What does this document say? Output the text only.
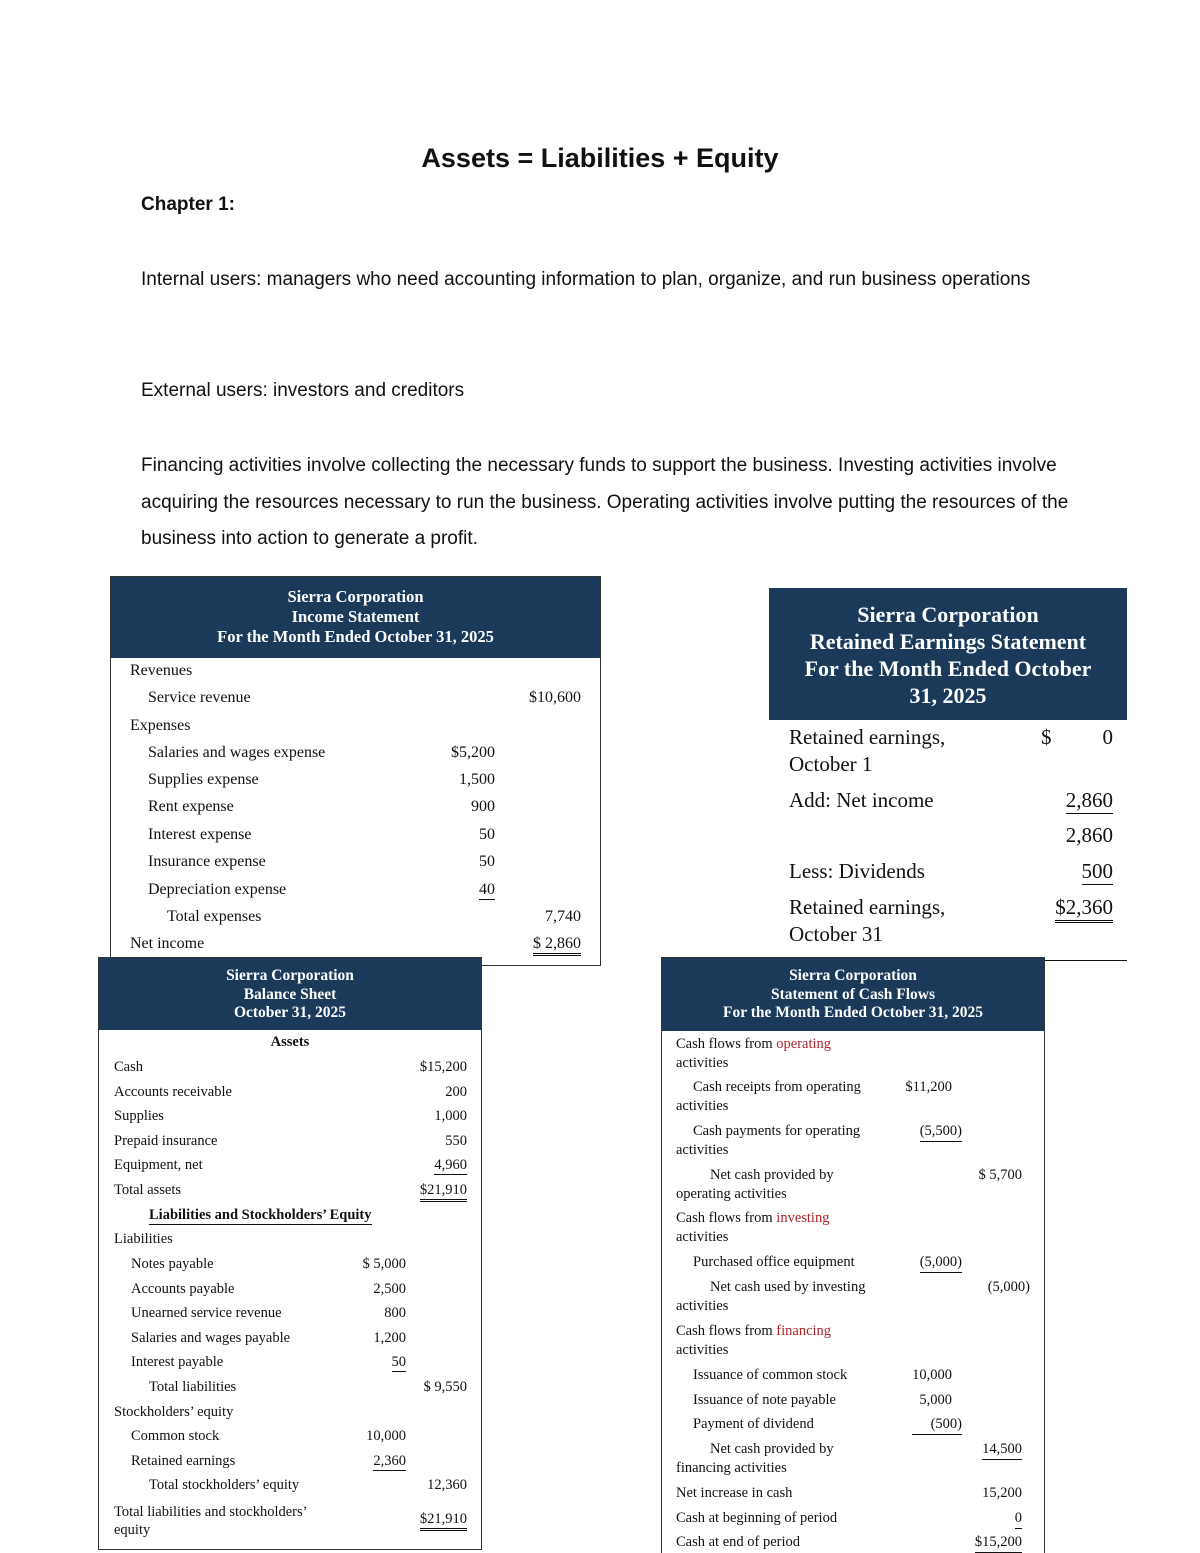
Assets = Liabilities + Equity
Chapter 1:
Internal users: managers who need accounting information to plan, organize, and run business operations
External users: investors and creditors
Financing activities involve collecting the necessary funds to support the business. Investing activities involve acquiring the resources necessary to run the business. Operating activities involve putting the resources of the business into action to generate a profit.
Sierra Corporation
Income Statement
For the Month Ended October 31, 2025
Revenues
Service revenue	$10,600
Expenses
Salaries and wages expense	$5,200
Supplies expense	1,500
Rent expense	900
Interest expense	50
Insurance expense	50
Depreciation expense	40
Total expenses	7,740
Net income	$ 2,860
Sierra Corporation
Retained Earnings Statement
For the Month Ended October
31, 2025
Retained earnings,
October 1
$ 0
Add: Net income	2,860
2,860
Less: Dividends	500
Retained earnings,
October 31
$2,360
Sierra Corporation
Balance Sheet
October 31, 2025
Assets
Cash	$15,200
Accounts receivable	200
Supplies	1,000
Prepaid insurance	550
Equipment, net	4,960
Total assets	$21,910
Liabilities and Stockholders’ Equity
Liabilities
Notes payable	$ 5,000
Accounts payable	2,500
Unearned service revenue	800
Salaries and wages payable	1,200
Interest payable	50
Total liabilities	$ 9,550
Stockholders’ equity
Common stock	10,000
Retained earnings	2,360
Total stockholders’ equity	12,360
Total liabilities and stockholders’
equity
$21,910
Sierra Corporation
Statement of Cash Flows
For the Month Ended October 31, 2025
Cash flows from operating
activities
Cash receipts from operating
activities
$11,200
Cash payments for operating
activities
(5,500)
Net cash provided by
operating activities
$ 5,700
Cash flows from investing
activities
Purchased office equipment	(5,000)
Net cash used by investing
activities
(5,000)
Cash flows from financing
activities
Issuance of common stock	10,000
Issuance of note payable	5,000
Payment of dividend	(500)
Net cash provided by
financing activities
14,500
Net increase in cash	15,200
Cash at beginning of period	0
Cash at end of period	$15,200
